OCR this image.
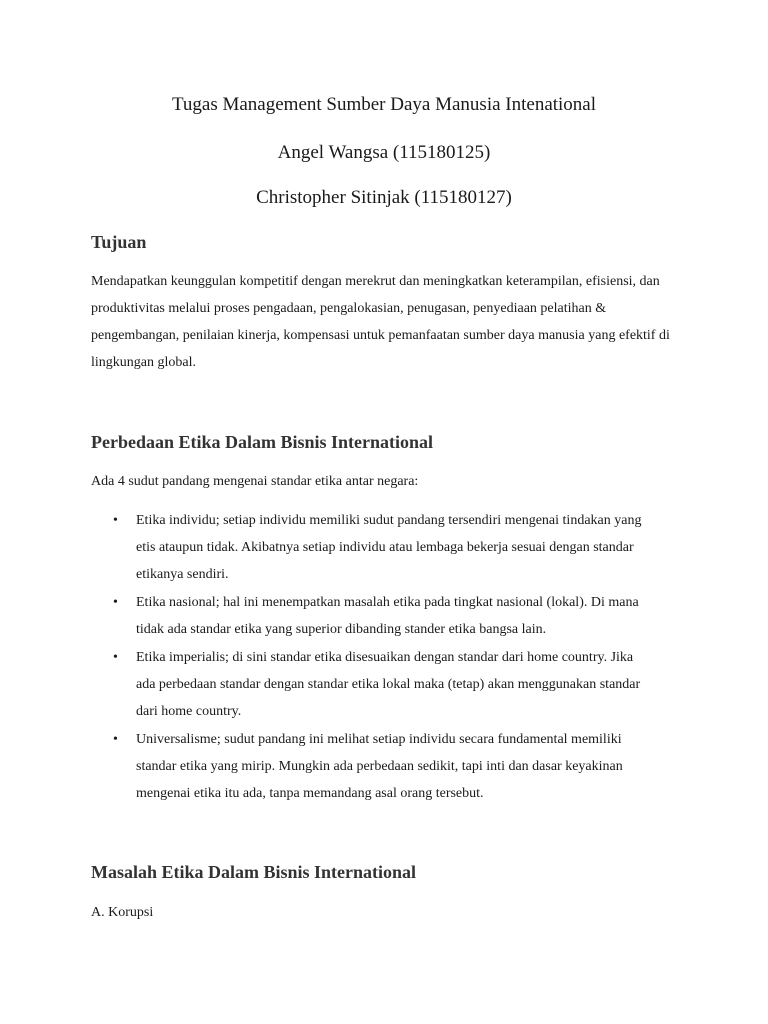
Tugas Management Sumber Daya Manusia Intenational

Angel Wangsa (115180125)

Christopher Sitinjak (115180127)

Tujuan

Mendapatkan keunggulan kompetitif dengan merekrut dan meningkatkan keterampilan, efisiensi, dan produktivitas melalui proses pengadaan, pengalokasian, penugasan, penyediaan pelatihan & pengembangan, penilaian kinerja, kompensasi untuk pemanfaatan sumber daya manusia yang efektif di lingkungan global.

Perbedaan Etika Dalam Bisnis International

Ada 4 sudut pandang mengenai standar etika antar negara:

• Etika individu; setiap individu memiliki sudut pandang tersendiri mengenai tindakan yang etis ataupun tidak. Akibatnya setiap individu atau lembaga bekerja sesuai dengan standar etikanya sendiri.
• Etika nasional; hal ini menempatkan masalah etika pada tingkat nasional (lokal). Di mana tidak ada standar etika yang superior dibanding stander etika bangsa lain.
• Etika imperialis; di sini standar etika disesuaikan dengan standar dari home country. Jika ada perbedaan standar dengan standar etika lokal maka (tetap) akan menggunakan standar dari home country.
• Universalisme; sudut pandang ini melihat setiap individu secara fundamental memiliki standar etika yang mirip. Mungkin ada perbedaan sedikit, tapi inti dan dasar keyakinan mengenai etika itu ada, tanpa memandang asal orang tersebut.
Masalah Etika Dalam Bisnis International

A. Korupsi
